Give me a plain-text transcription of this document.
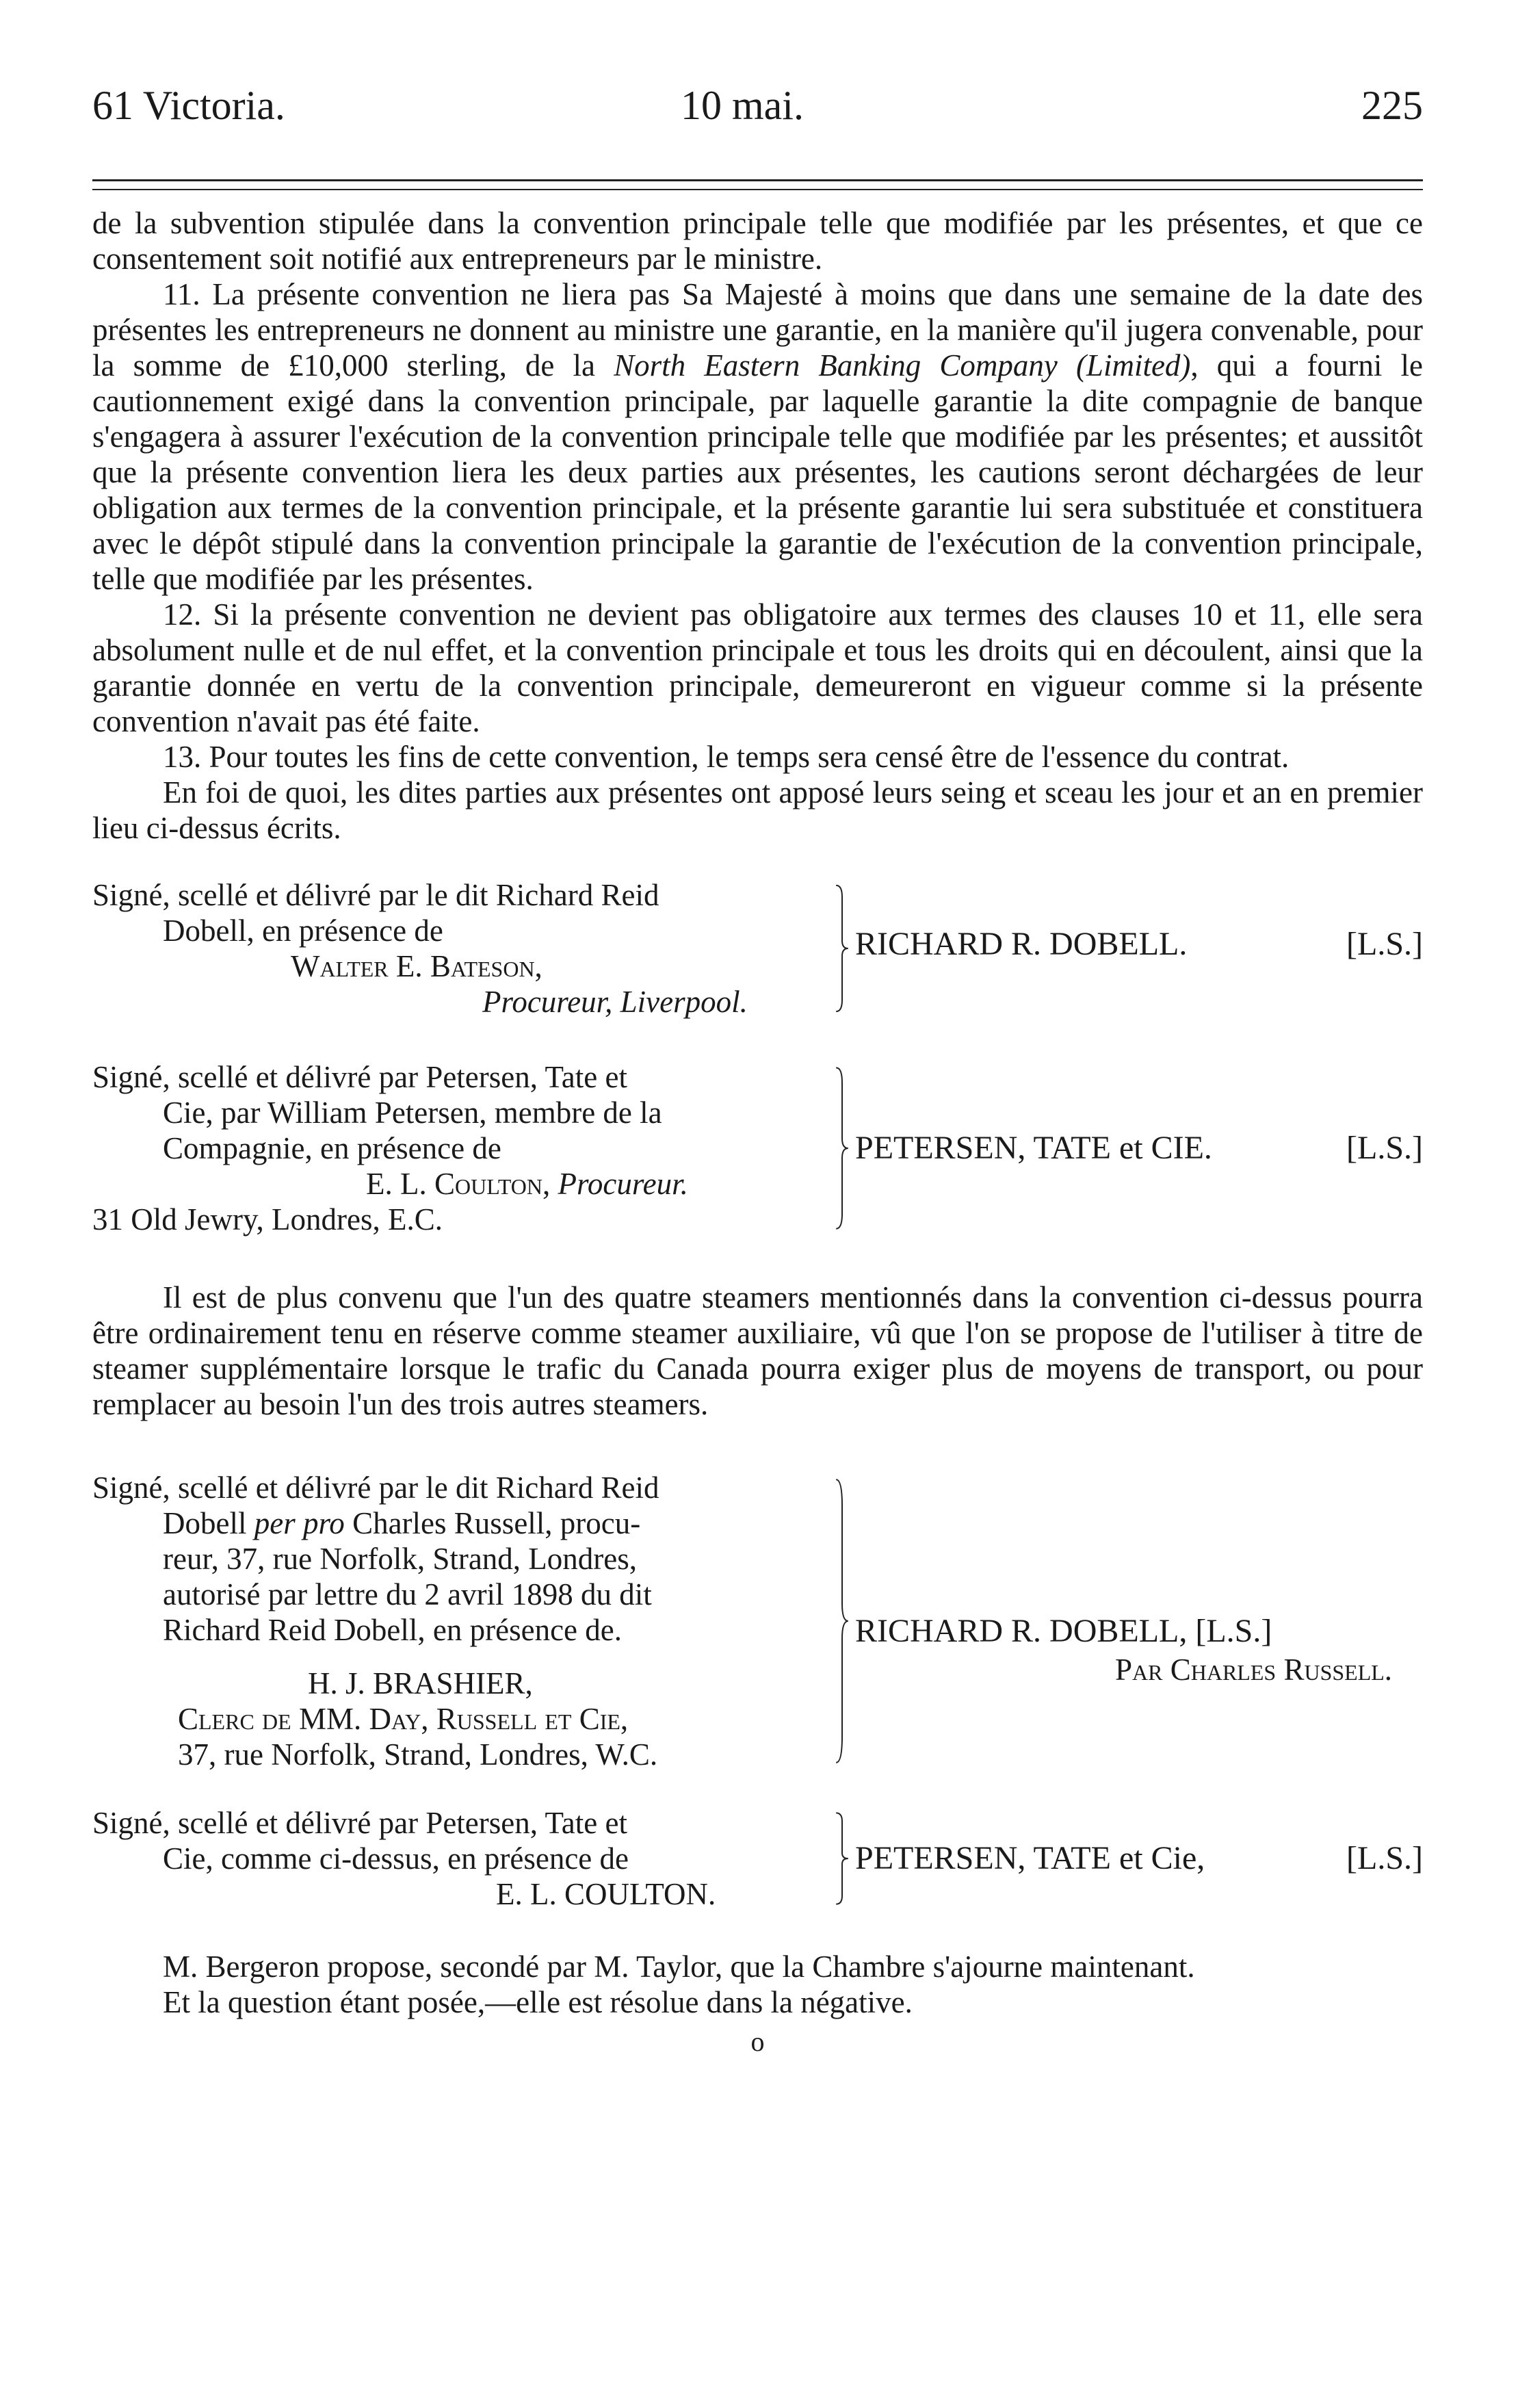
61 Victoria.	10 mai.	225

de la subvention stipulée dans la convention principale telle que modifiée par les présentes, et que ce consentement soit notifié aux entrepreneurs par le ministre.

11. La présente convention ne liera pas Sa Majesté à moins que dans une semaine de la date des présentes les entrepreneurs ne donnent au ministre une garantie, en la manière qu'il jugera convenable, pour la somme de £10,000 sterling, de la North Eastern Banking Company (Limited), qui a fourni le cautionnement exigé dans la convention principale, par laquelle garantie la dite compagnie de banque s'engagera à assurer l'exécution de la convention principale telle que modifiée par les présentes; et aussitôt que la présente convention liera les deux parties aux présentes, les cautions seront déchargées de leur obligation aux termes de la convention principale, et la présente garantie lui sera substituée et constituera avec le dépôt stipulé dans la convention principale la garantie de l'exécution de la convention principale, telle que modifiée par les présentes.

12. Si la présente convention ne devient pas obligatoire aux termes des clauses 10 et 11, elle sera absolument nulle et de nul effet, et la convention principale et tous les droits qui en découlent, ainsi que la garantie donnée en vertu de la convention principale, demeureront en vigueur comme si la présente convention n'avait pas été faite.

13. Pour toutes les fins de cette convention, le temps sera censé être de l'essence du contrat.

En foi de quoi, les dites parties aux présentes ont apposé leurs seing et sceau les jour et an en premier lieu ci-dessus écrits.

Signé, scellé et délivré par le dit Richard Reid
Dobell, en présence de
Walter E. Bateson,
Procureur, Liverpool.
RICHARD R. DOBELL.	[L.S.]
Signé, scellé et délivré par Petersen, Tate et
Cie, par William Petersen, membre de la
Compagnie, en présence de
E. L. Coulton, Procureur.
31 Old Jewry, Londres, E.C.
PETERSEN, TATE et CIE.	[L.S.]

Il est de plus convenu que l'un des quatre steamers mentionnés dans la convention ci-dessus pourra être ordinairement tenu en réserve comme steamer auxiliaire, vû que l'on se propose de l'utiliser à titre de steamer supplémentaire lorsque le trafic du Canada pourra exiger plus de moyens de transport, ou pour remplacer au besoin l'un des trois autres steamers.

Signé, scellé et délivré par le dit Richard Reid
Dobell per pro Charles Russell, procu-
reur, 37, rue Norfolk, Strand, Londres,
autorisé par lettre du 2 avril 1898 du dit
Richard Reid Dobell, en présence de.
H. J. BRASHIER,
Clerc de MM. Day, Russell et Cie,
37, rue Norfolk, Strand, Londres, W.C.
RICHARD R. DOBELL, [L.S.]
Par Charles Russell.
Signé, scellé et délivré par Petersen, Tate et
Cie, comme ci-dessus, en présence de
E. L. COULTON.
PETERSEN, TATE et Cie,	[L.S.]

M. Bergeron propose, secondé par M. Taylor, que la Chambre s'ajourne maintenant.

Et la question étant posée,—elle est résolue dans la négative.

o
